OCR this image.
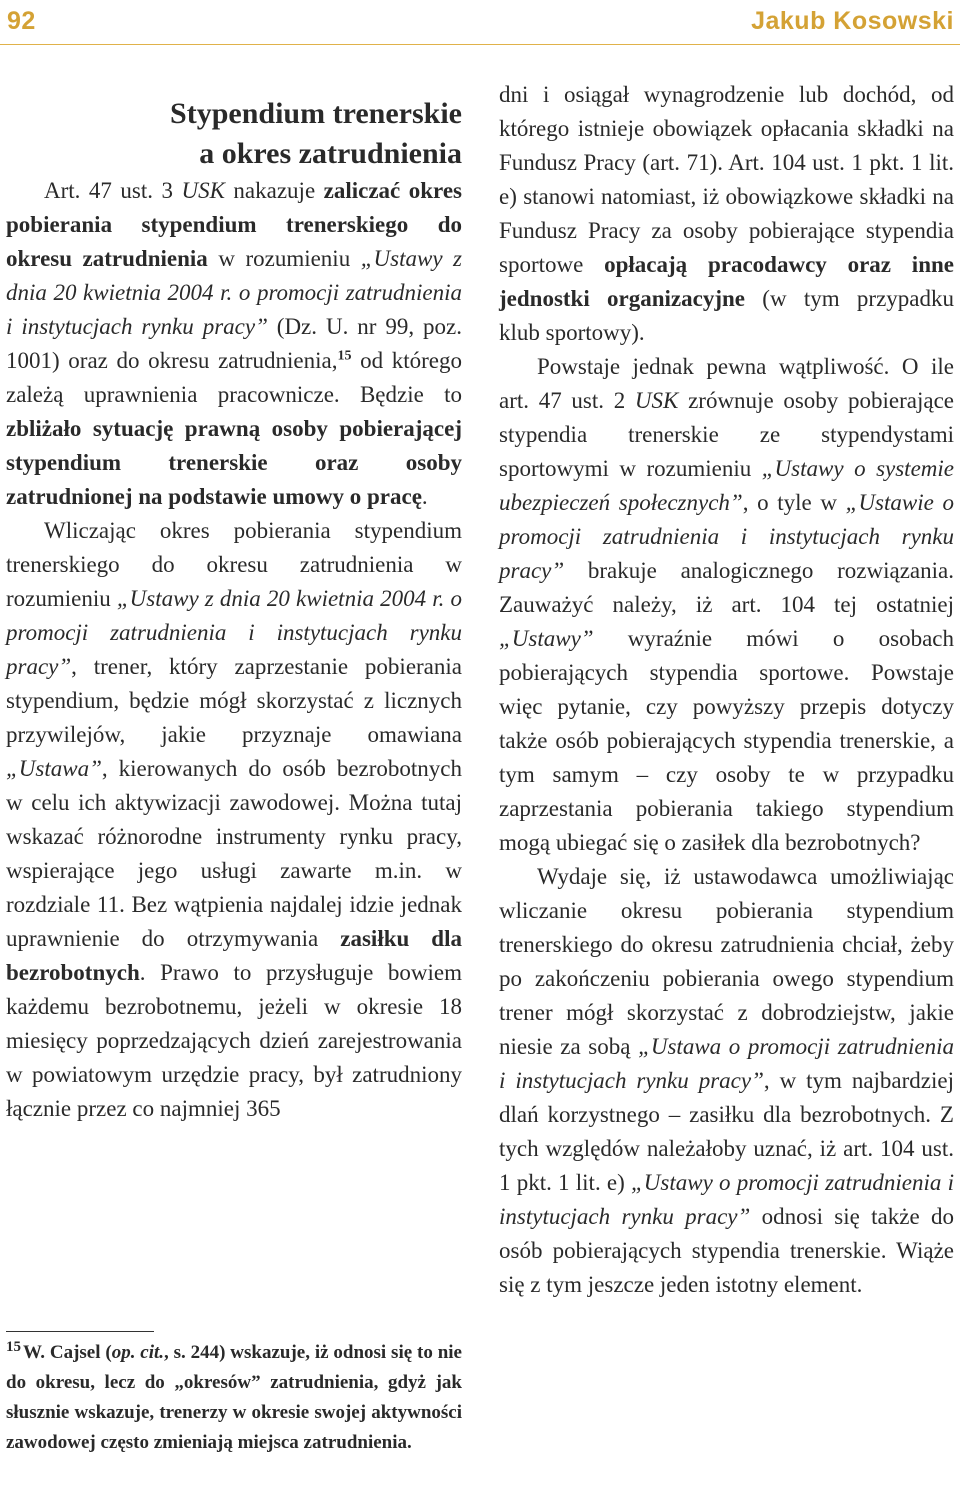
92	Jakub Kosowski
Stypendium trenerskie
a okres zatrudnienia

Art. 47 ust. 3 USK nakazuje zaliczać okres pobierania stypendium trenerskiego do okresu zatrudnienia w rozumieniu „Ustawy z dnia 20 kwietnia 2004 r. o promocji zatrudnienia i instytucjach rynku pracy” (Dz. U. nr 99, poz. 1001) oraz do okresu zatrudnienia,$^{15}$ od którego zależą uprawnienia pracownicze. Będzie to zbliżało sytuację prawną osoby pobierającej stypendium trenerskie oraz osoby zatrudnionej na podstawie umowy o pracę.

Wliczając okres pobierania stypendium trenerskiego do okresu zatrudnienia w rozumieniu „Ustawy z dnia 20 kwietnia 2004 r. o promocji zatrudnienia i instytucjach rynku pracy”, trener, który zaprzestanie pobierania stypendium, będzie mógł skorzystać z licznych przywilejów, jakie przyznaje omawiana „Ustawa”, kierowanych do osób bezrobotnych w celu ich aktywizacji zawodowej. Można tutaj wskazać różnorodne instrumenty rynku pracy, wspierające jego usługi zawarte m.in. w rozdziale 11. Bez wątpienia najdalej idzie jednak uprawnienie do otrzymywania zasiłku dla bezrobotnych. Prawo to przysługuje bowiem każdemu bezrobotnemu, jeżeli w okresie 18 miesięcy poprzedzających dzień zarejestrowania w powiatowym urzędzie pracy, był zatrudniony łącznie przez co najmniej 365

$^{15}$ W. Cajsel (op. cit., s. 244) wskazuje, iż odnosi się to nie do okresu, lecz do „okresów” zatrudnienia, gdyż jak słusznie wskazuje, trenerzy w okresie swojej aktywności zawodowej często zmieniają miejsca zatrudnienia.

dni i osiągał wynagrodzenie lub dochód, od którego istnieje obowiązek opłacania składki na Fundusz Pracy (art. 71). Art. 104 ust. 1 pkt. 1 lit. e) stanowi natomiast, iż obowiązkowe składki na Fundusz Pracy za osoby pobierające stypendia sportowe opłacają pracodawcy oraz inne jednostki organizacyjne (w tym przypadku klub sportowy).

Powstaje jednak pewna wątpliwość. O ile art. 47 ust. 2 USK zrównuje osoby pobierające stypendia trenerskie ze stypendystami sportowymi w rozumieniu „Ustawy o systemie ubezpieczeń społecznych”, o tyle w „Ustawie o promocji zatrudnienia i instytucjach rynku pracy” brakuje analogicznego rozwiązania. Zauważyć należy, iż art. 104 tej ostatniej „Ustawy” wyraźnie mówi o osobach pobierających stypendia sportowe. Powstaje więc pytanie, czy powyższy przepis dotyczy także osób pobierających stypendia trenerskie, a tym samym – czy osoby te w przypadku zaprzestania pobierania takiego stypendium mogą ubiegać się o zasiłek dla bezrobotnych?

Wydaje się, iż ustawodawca umożliwiając wliczanie okresu pobierania stypendium trenerskiego do okresu zatrudnienia chciał, żeby po zakończeniu pobierania owego stypendium trener mógł skorzystać z dobrodziejstw, jakie niesie za sobą „Ustawa o promocji zatrudnienia i instytucjach rynku pracy”, w tym najbardziej dlań korzystnego – zasiłku dla bezrobotnych. Z tych względów należałoby uznać, iż art. 104 ust. 1 pkt. 1 lit. e) „Ustawy o promocji zatrudnienia i instytucjach rynku pracy” odnosi się także do osób pobierających stypendia trenerskie. Wiąże się z tym jeszcze jeden istotny element.
